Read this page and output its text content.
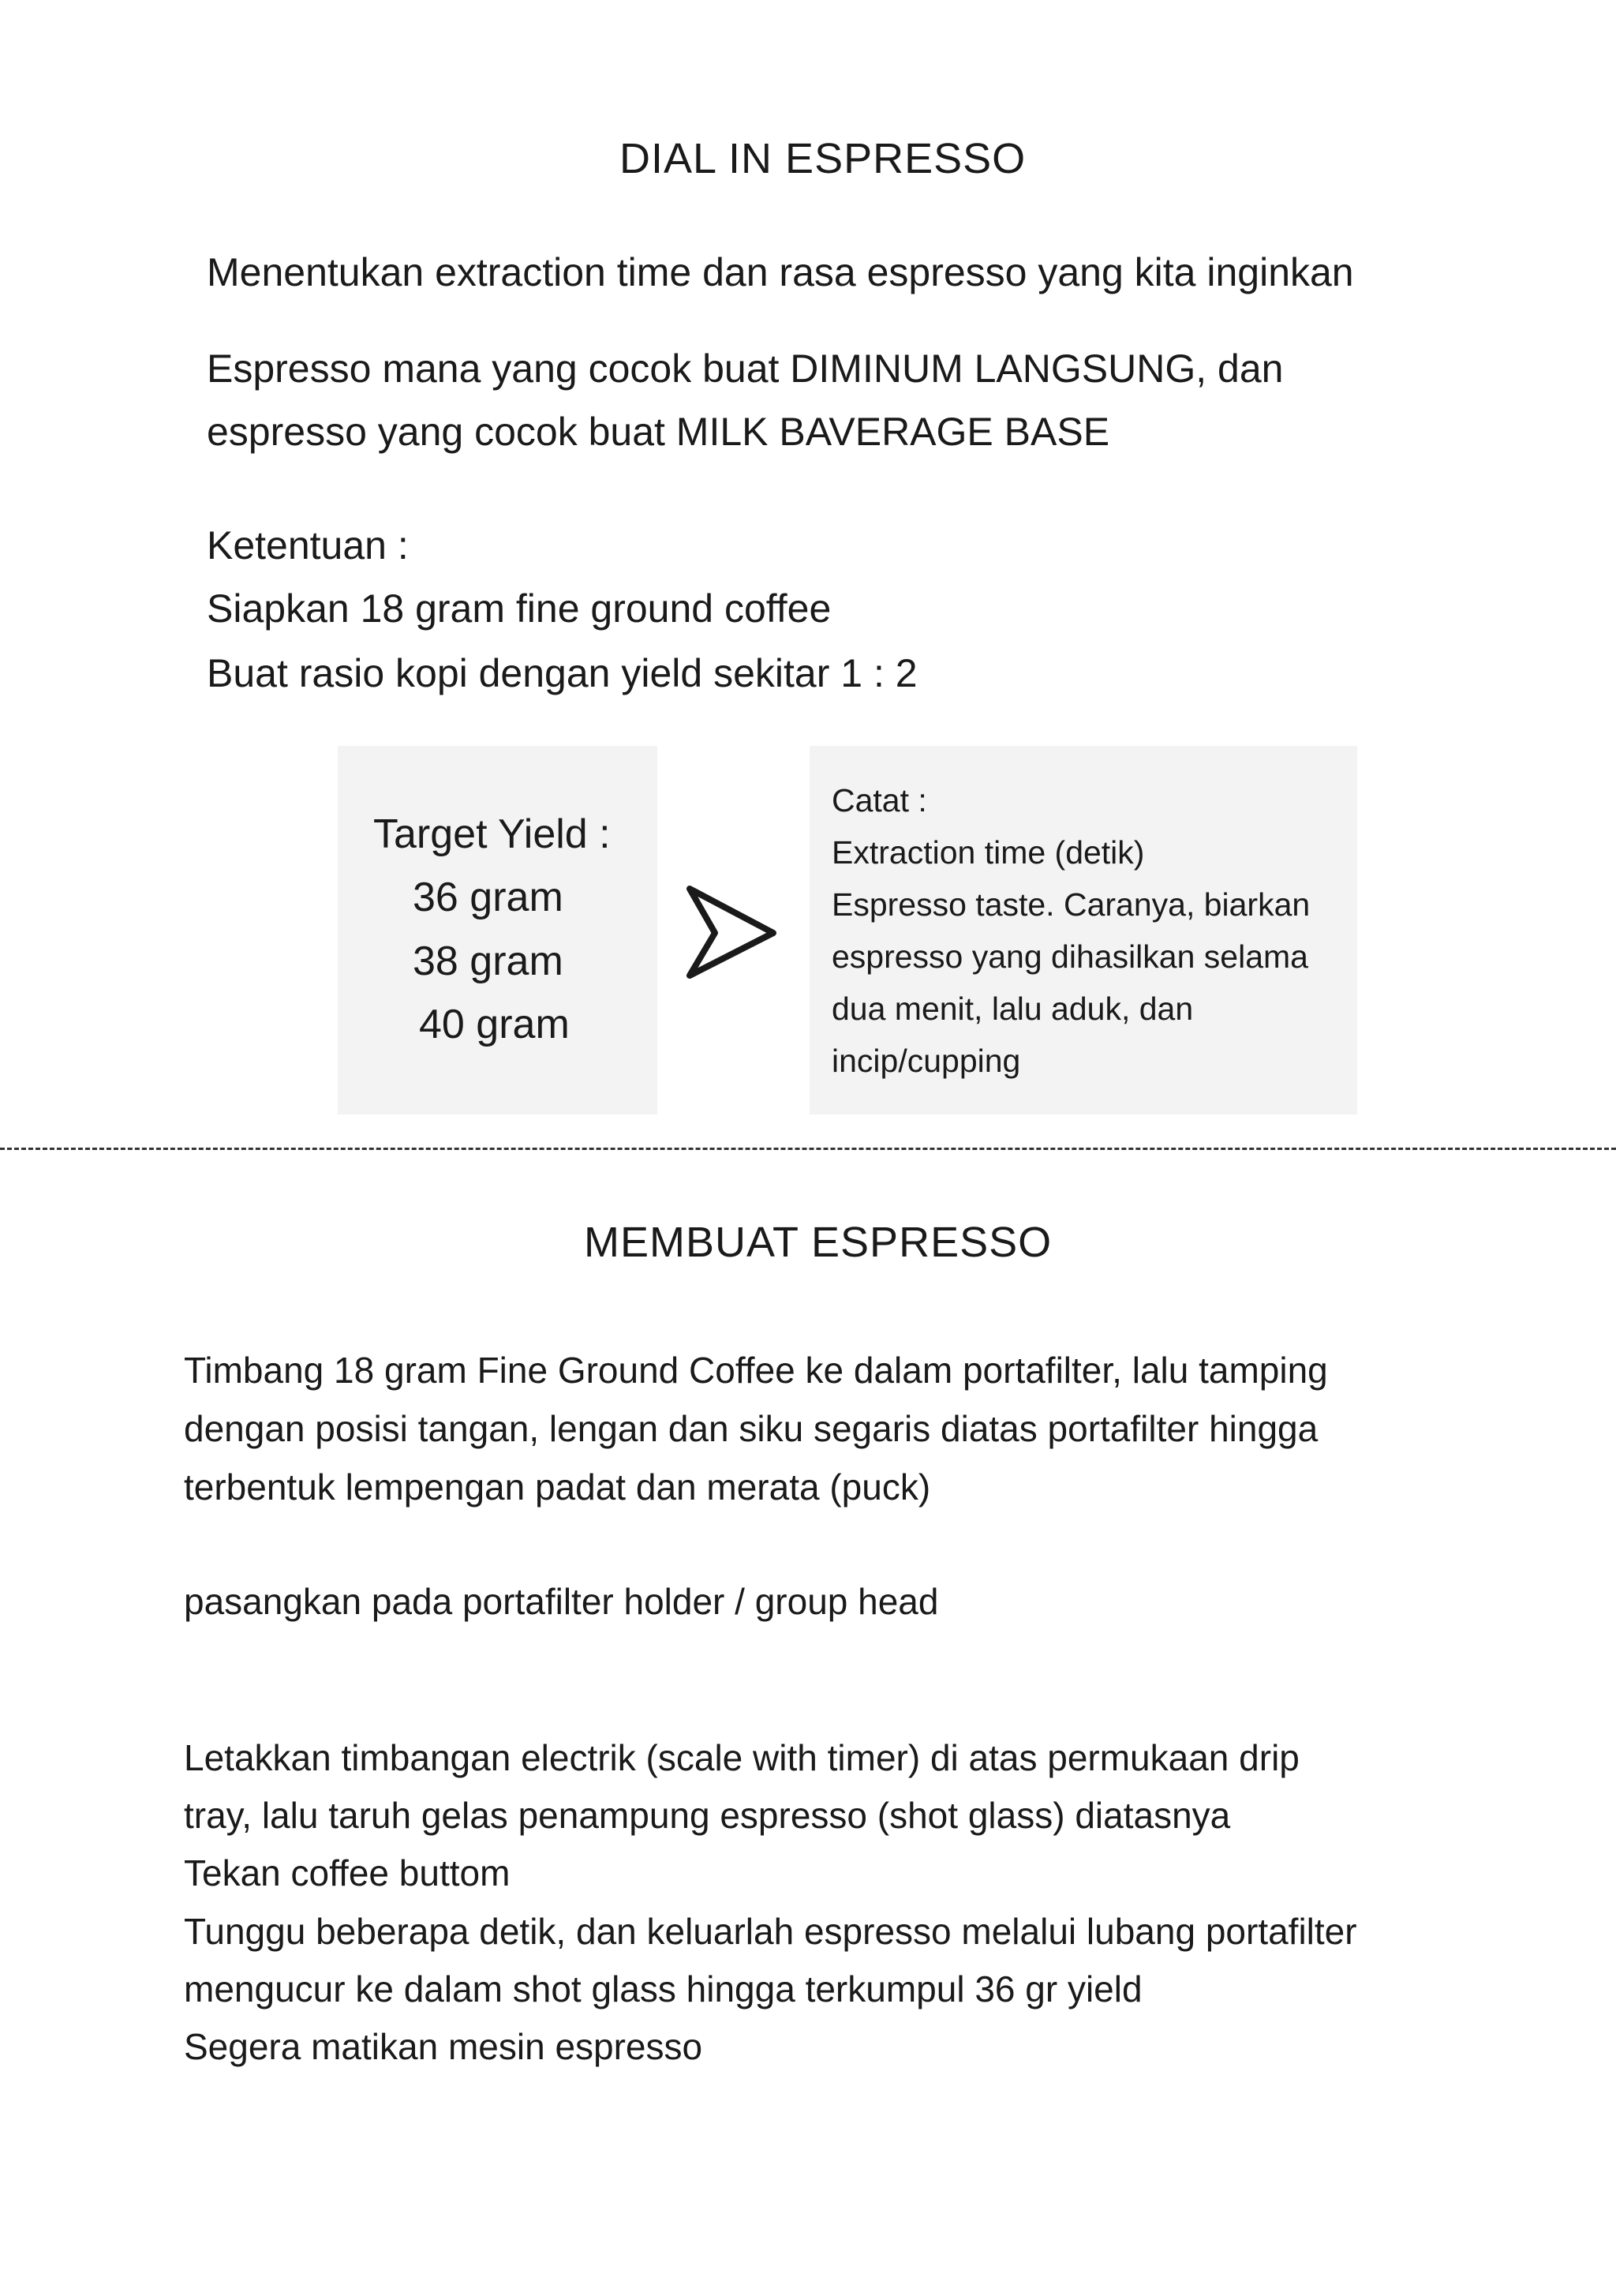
DIAL IN ESPRESSO
Menentukan extraction time dan rasa espresso yang kita inginkan
Espresso mana yang cocok buat DIMINUM LANGSUNG, dan
espresso yang cocok buat MILK BAVERAGE BASE
Ketentuan :
Siapkan 18 gram fine ground coffee
Buat rasio kopi dengan yield sekitar 1 : 2
Target Yield :
36 gram
38 gram
40 gram
Catat :
Extraction time (detik)
Espresso taste. Caranya, biarkan
espresso yang dihasilkan selama
dua menit, lalu aduk, dan
incip/cupping
MEMBUAT ESPRESSO
Timbang 18 gram Fine Ground Coffee ke dalam portafilter, lalu tamping
dengan posisi tangan, lengan dan siku segaris diatas portafilter hingga
terbentuk lempengan padat dan merata (puck)
pasangkan pada portafilter holder / group head
Letakkan timbangan electrik (scale with timer) di atas permukaan drip
tray, lalu taruh gelas penampung espresso (shot glass) diatasnya
Tekan coffee buttom
Tunggu beberapa detik, dan keluarlah espresso melalui lubang portafilter
mengucur ke dalam shot glass hingga terkumpul 36 gr yield
Segera matikan mesin espresso
